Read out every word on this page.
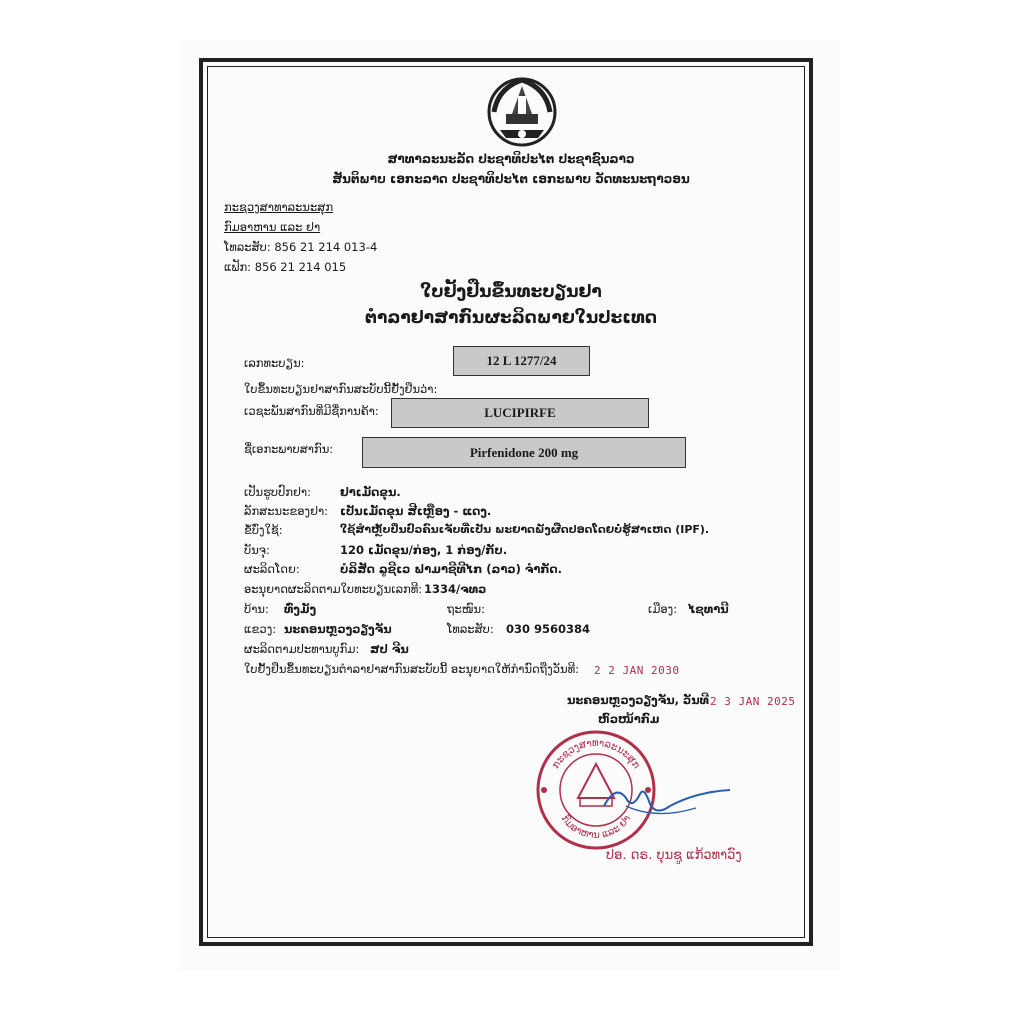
ສາທາລະນະລັດ ປະຊາທິປະໄຕ ປະຊາຊົນລາວ
ສັນຕິພາບ ເອກະລາດ ປະຊາທິປະໄຕ ເອກະພາບ ວັດທະນະຖາວອນ
ກະຊວງສາທາລະນະສຸກ
ກົມອາຫານ ແລະ ຢາ
ໂທລະສັບ: 856 21 214 013-4
ແຟັກ: 856 21 214 015
ໃບຢັ້ງຢືນຂຶ້ນທະບຽນຢາ
ຕຳລາຢາສາກົນຜະລິດພາຍໃນປະເທດ
ເລກທະບຽນ:	12 L 1277/24
ໃບຂຶ້ນທະບຽນຢາສາກົນສະບັບນີ້ຢັ້ງຢືນວ່າ:
ເວຊະພັນສາກົນທີ່ມີຊື່ການຄ້າ:	LUCIPIRFE
ຊື່ເອກະພາບສາກົນ:	Pirfenidone 200 mg
ເປັນຮູບປົກຢາ:	ຢາເມັດຂຸນ.
ລັກສະນະຂອງຢາ: ເປັນເມັດຂຸນ ສີເຫຼືອງ - ແດງ.
ຂໍ້ບົ່ງໃຊ້:	ໃຊ້ສຳຫຼັບປິ່ນປົວຄົນເຈັບທີ່ເປັນ ພະຍາດພັງຜືດປອດໂດຍບໍ່ຮູ້ສາເຫດ (IPF).
ບັນຈຸ:	120 ເມັດຂຸນ/ກ່ອງ, 1 ກ່ອງ/ກັບ.
ຜະລິດໂດຍ:	ບໍລິສັດ ລູຊີເວ ຟາມາຊີທີໄກ (ລາວ) ຈຳກັດ.
ອະນຸຍາດຜະລິດຕາມໃບທະບຽນເລກທີ: 1334/ຈທວ
ບ້ານ: ທົ່ງມັງ	ຖະໜົນ:	ເມືອງ: ໄຊທານີ
ແຂວງ: ນະຄອນຫຼວງວຽງຈັນ	ໂທລະສັບ: 030 9560384
ຜະລິດຕາມປະທານບູກົມ: ສປ ຈີນ
ໃບຢັ້ງຢືນຂຶ້ນທະບຽນຕຳລາຢາສາກົນສະບັບນີ້ ອະນຸຍາດໃຫ້ກຳນົດຖືງວັນທີ: 2 2 JAN 2030
ນະຄອນຫຼວງວຽງຈັນ, ວັນທີ 2 3 JAN 2025
ຫົວໜ້າກົມ
ກະຊວງສາທາລະນະສຸກ
ກົມອາຫານ ແລະ ຢາ
ປອ. ດຣ. ບຸນຊູ ແກ້ວທາວົງ
